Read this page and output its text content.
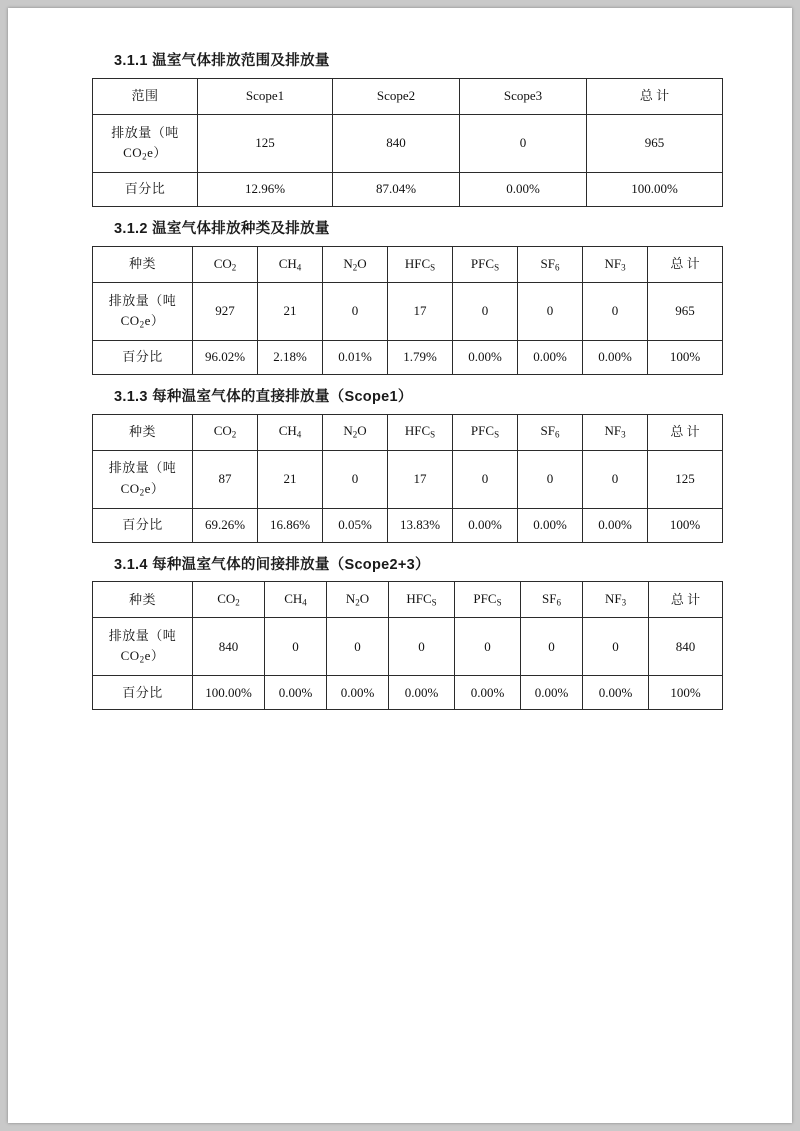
3.1.1 温室气体排放范围及排放量
范围	Scope1	Scope2	Scope3	总 计

排放量（吨
$CO_2e$）	125	840	0	965
百分比	12.96%	87.04%	0.00%	100.00%
3.1.2 温室气体排放种类及排放量
种类	$CO_2$	$CH_4$	$N_2O$	$HFC_S$	$PFC_S$	$SF_6$	$NF_3$	总 计

排放量（吨
$CO_2e$）	927	21	0	17	0	0	0	965
百分比	96.02%	2.18%	0.01%	1.79%	0.00%	0.00%	0.00%	100%
3.1.3 每种温室气体的直接排放量（Scope1）
种类	$CO_2$	$CH_4$	$N_2O$	$HFC_S$	$PFC_S$	$SF_6$	$NF_3$	总 计

排放量（吨
$CO_2e$）	87	21	0	17	0	0	0	125
百分比	69.26%	16.86%	0.05%	13.83%	0.00%	0.00%	0.00%	100%
3.1.4 每种温室气体的间接排放量（Scope2+3）
种类	$CO_2$	$CH_4$	$N_2O$	$HFC_S$	$PFC_S$	$SF_6$	$NF_3$	总 计

排放量（吨
$CO_2e$）	840	0	0	0	0	0	0	840
百分比	100.00%	0.00%	0.00%	0.00%	0.00%	0.00%	0.00%	100%
